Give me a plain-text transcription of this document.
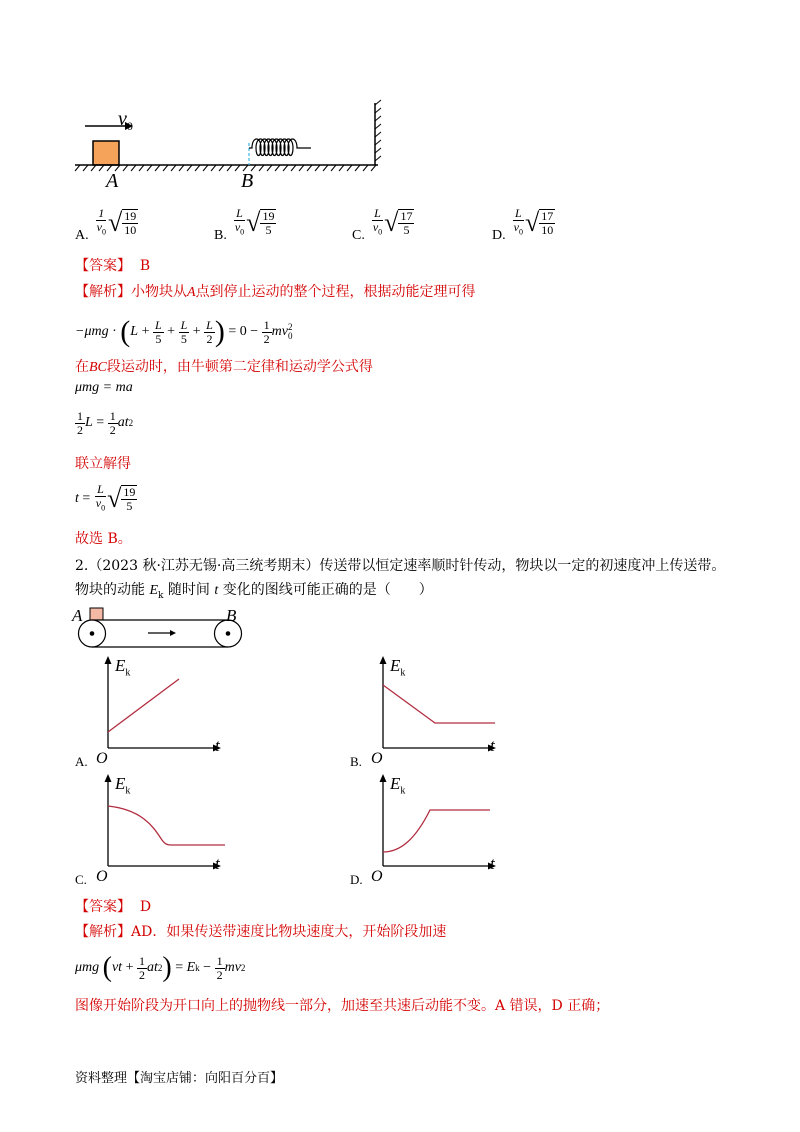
$v_0$
A	B
A. $\frac{1}{v_0}$ √ $\frac{19}{10}$	B. $\frac{L}{v_0}$ √ $\frac{19}{5}$	C. $\frac{L}{v_0}$ √ $\frac{17}{5}$	D. $\frac{L}{v_0}$ √ $\frac{17}{10}$
【答案】 B
【解析】小物块从A点到停止运动的整个过程，根据动能定理可得
−μmg · ( $L + \frac{L}{5} + \frac{L}{5} + \frac{L}{2}$ ) = $0 - \frac{1}{2}$ mv 2
0
在BC段运动时，由牛顿第二定律和运动学公式得
μmg = ma
$\frac{1}{2}$ $L = \frac{1}{2}$ at 2
联立解得
$t = \frac{L}{v_0}$ √ $\frac{19}{5}$
故选 B。
2.（2023 秋·江苏无锡·高三统考期末）传送带以恒定速率顺时针传动，物块以一定的初速度冲上传送带。
物块的动能 $E_k$ 随时间 t 变化的图线可能正确的是（　　）
A	B
$E_k$
t
O
A.
$E_k$
t
O
B.
$E_k$
t
O
C.
$E_k$
t
O
D.
【答案】 D
【解析】AD．如果传送带速度比物块速度大，开始阶段加速
μmg
( vt + $\frac{1}{2}$ at 2 ) = E $k - \frac{1}{2}$ mv 2
图像开始阶段为开口向上的抛物线一部分，加速至共速后动能不变。A 错误，D 正确；
资料整理【淘宝店铺：向阳百分百】
